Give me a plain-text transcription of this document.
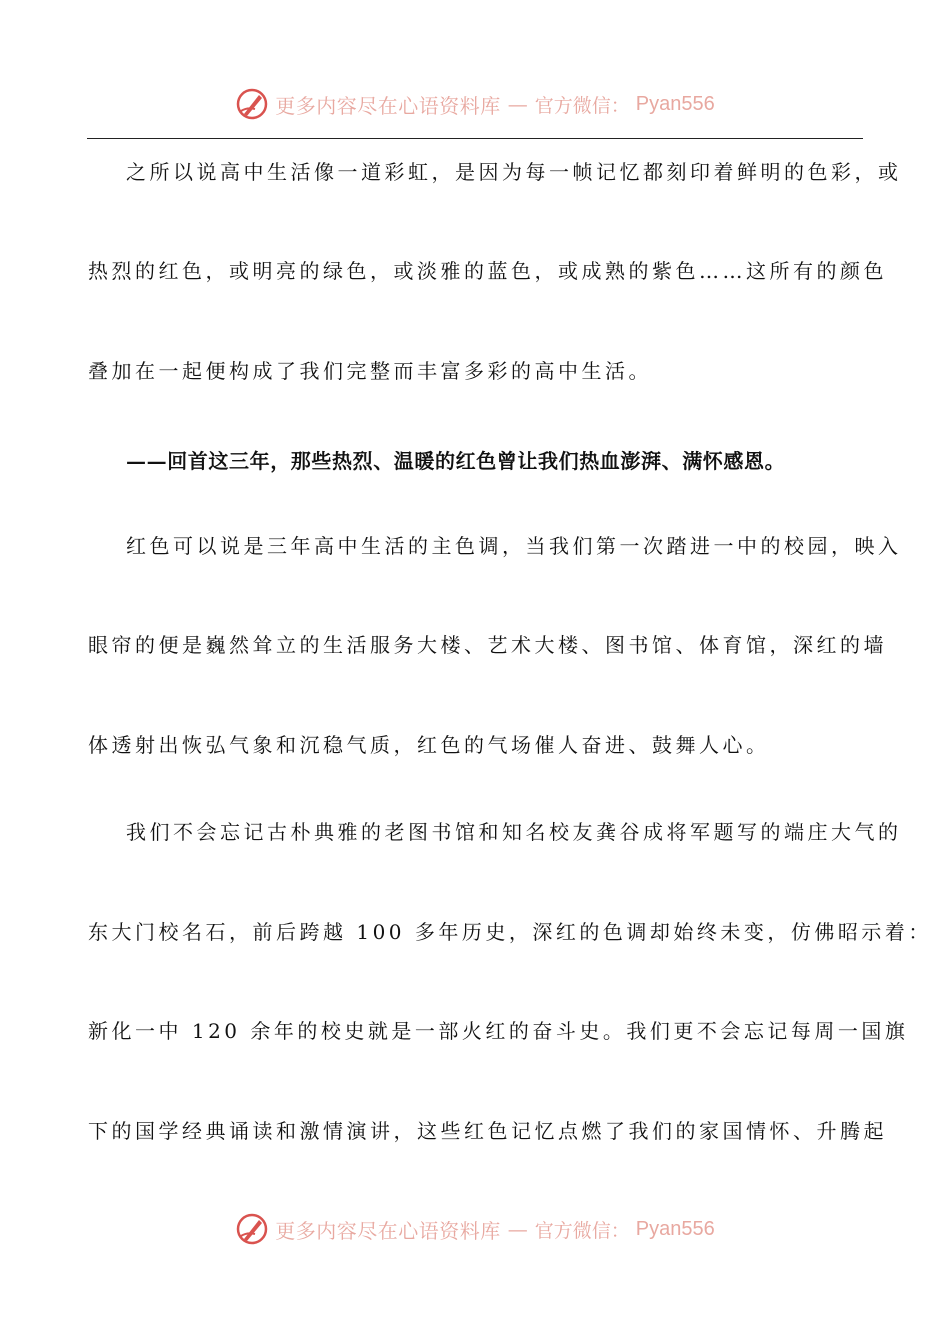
更多内容尽在心语资料库 — 官方微信： Pyan556
之所以说高中生活像一道彩虹，是因为每一帧记忆都刻印着鲜明的色彩，或
热烈的红色，或明亮的绿色，或淡雅的蓝色，或成熟的紫色……这所有的颜色
叠加在一起便构成了我们完整而丰富多彩的高中生活。
——回首这三年，那些热烈、温暖的红色曾让我们热血澎湃、满怀感恩。
红色可以说是三年高中生活的主色调，当我们第一次踏进一中的校园，映入
眼帘的便是巍然耸立的生活服务大楼、艺术大楼、图书馆、体育馆，深红的墙
体透射出恢弘气象和沉稳气质，红色的气场催人奋进、鼓舞人心。
我们不会忘记古朴典雅的老图书馆和知名校友龚谷成将军题写的端庄大气的
东大门校名石，前后跨越 100 多年历史，深红的色调却始终未变，仿佛昭示着：
新化一中 120 余年的校史就是一部火红的奋斗史。我们更不会忘记每周一国旗
下的国学经典诵读和激情演讲，这些红色记忆点燃了我们的家国情怀、升腾起
更多内容尽在心语资料库 — 官方微信： Pyan556
